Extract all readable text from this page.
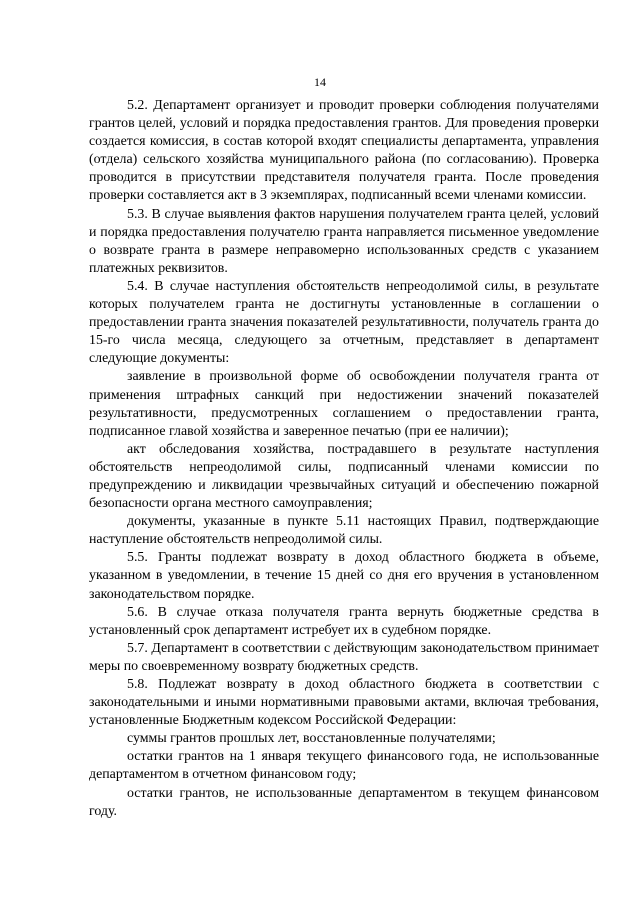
14

5.2. Департамент организует и проводит проверки соблюдения получателями грантов целей, условий и порядка предоставления грантов. Для проведения проверки создается комиссия, в состав которой входят специалисты департамента, управления (отдела) сельского хозяйства муниципального района (по согласованию). Проверка проводится в присутствии представителя получателя гранта. После проведения проверки составляется акт в 3 экземплярах, подписанный всеми членами комиссии.

5.3. В случае выявления фактов нарушения получателем гранта целей, условий и порядка предоставления получателю гранта направляется письменное уведомление о возврате гранта в размере неправомерно использованных средств с указанием платежных реквизитов.

5.4. В случае наступления обстоятельств непреодолимой силы, в результате которых получателем гранта не достигнуты установленные в соглашении о предоставлении гранта значения показателей результативности, получатель гранта до 15-го числа месяца, следующего за отчетным, представляет в департамент следующие документы:

заявление в произвольной форме об освобождении получателя гранта от применения штрафных санкций при недостижении значений показателей результативности, предусмотренных соглашением о предоставлении гранта, подписанное главой хозяйства и заверенное печатью (при ее наличии);

акт обследования хозяйства, пострадавшего в результате наступления обстоятельств непреодолимой силы, подписанный членами комиссии по предупреждению и ликвидации чрезвычайных ситуаций и обеспечению пожарной безопасности органа местного самоуправления;

документы, указанные в пункте 5.11 настоящих Правил, подтверждающие наступление обстоятельств непреодолимой силы.

5.5. Гранты подлежат возврату в доход областного бюджета в объеме, указанном в уведомлении, в течение 15 дней со дня его вручения в установленном законодательством порядке.

5.6. В случае отказа получателя гранта вернуть бюджетные средства в установленный срок департамент истребует их в судебном порядке.

5.7. Департамент в соответствии с действующим законодательством принимает меры по своевременному возврату бюджетных средств.

5.8. Подлежат возврату в доход областного бюджета в соответствии с законодательными и иными нормативными правовыми актами, включая требования, установленные Бюджетным кодексом Российской Федерации:

суммы грантов прошлых лет, восстановленные получателями;

остатки грантов на 1 января текущего финансового года, не использованные департаментом в отчетном финансовом году;

остатки грантов, не использованные департаментом в текущем финансовом году.
